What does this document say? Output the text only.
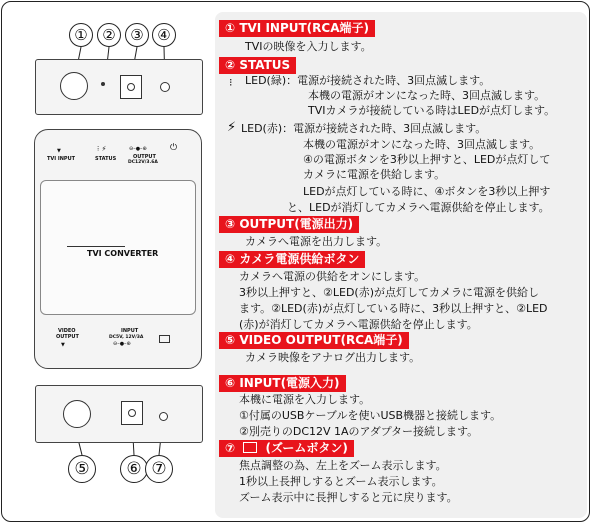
① ② ③ ④
▼
TVI INPUT
⁝ ⚡
STATUS
⊖–●–⊕
OUTPUT
DC12V/3.6A
⏻
TVI CONVERTER
VIDEO
OUTPUT
▼
INPUT
DC5V, 12V/3A
⊖–●–⊕
⑤	⑥ ⑦
① TVI INPUT(RCA端子)
TVIの映像を入力します。
② STATUS
⁝ LED(緑)：電源が接続された時、3回点滅します。
本機の電源がオンになった時、3回点滅します。
TVIカメラが接続している時はLEDが点灯します。
⚡ LED(赤)：電源が接続された時、3回点滅します。
本機の電源がオンになった時、3回点滅します。
④の電源ボタンを3秒以上押すと、LEDが点灯して
カメラに電源を供給します。
LEDが点灯している時に、④ボタンを3秒以上押す
と、LEDが消灯してカメラへ電源供給を停止します。
③ OUTPUT(電源出力)
カメラへ電源を出力します。
④ カメラ電源供給ボタン
カメラへ電源の供給をオンにします。
3秒以上押すと、②LED(赤)が点灯してカメラに電源を供給し
ます。②LED(赤)が点灯している時に、3秒以上押すと、②LED
(赤)が消灯してカメラへ電源供給を停止します。
⑤ VIDEO OUTPUT(RCA端子)
カメラ映像をアナログ出力します。
⑥ INPUT(電源入力)
本機に電源を入力します。
①付属のUSBケーブルを使いUSB機器と接続します。
②別売りのDC12V 1Aのアダプター接続します。
⑦	(ズームボタン)
焦点調整の為、左上をズーム表示します。
1秒以上長押しするとズーム表示します。
ズーム表示中に長押しすると元に戻ります。
